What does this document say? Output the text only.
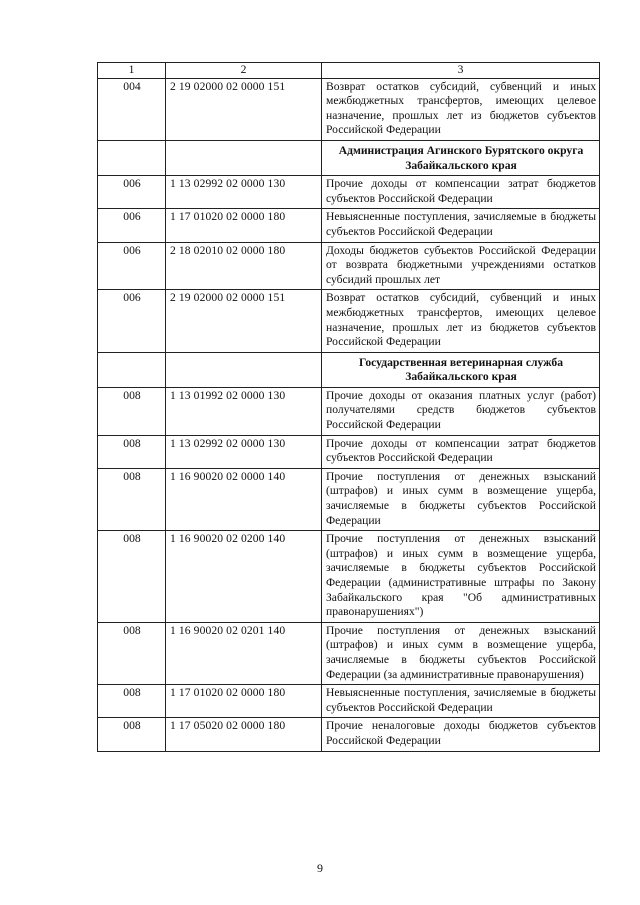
1	2	3
004	2 19 02000 02 0000 151	Возврат остатков субсидий, субвенций и иных межбюджетных трансфертов, имеющих целевое назначение, прошлых лет из бюджетов субъектов Российской Федерации
		Администрация Агинского Бурятского округа Забайкальского края
006	1 13 02992 02 0000 130	Прочие доходы от компенсации затрат бюджетов субъектов Российской Федерации
006	1 17 01020 02 0000 180	Невыясненные поступления, зачисляемые в бюджеты субъектов Российской Федерации
006	2 18 02010 02 0000 180	Доходы бюджетов субъектов Российской Федерации от возврата бюджетными учреждениями остатков субсидий прошлых лет
006	2 19 02000 02 0000 151	Возврат остатков субсидий, субвенций и иных межбюджетных трансфертов, имеющих целевое назначение, прошлых лет из бюджетов субъектов Российской Федерации
		Государственная ветеринарная служба Забайкальского края
008	1 13 01992 02 0000 130	Прочие доходы от оказания платных услуг (работ) получателями средств бюджетов субъектов Российской Федерации
008	1 13 02992 02 0000 130	Прочие доходы от компенсации затрат бюджетов субъектов Российской Федерации
008	1 16 90020 02 0000 140	Прочие поступления от денежных взысканий (штрафов) и иных сумм в возмещение ущерба, зачисляемые в бюджеты субъектов Российской Федерации
008	1 16 90020 02 0200 140	Прочие поступления от денежных взысканий (штрафов) и иных сумм в возмещение ущерба, зачисляемые в бюджеты субъектов Российской Федерации (административные штрафы по Закону Забайкальского края "Об административных правонарушениях")
008	1 16 90020 02 0201 140	Прочие поступления от денежных взысканий (штрафов) и иных сумм в возмещение ущерба, зачисляемые в бюджеты субъектов Российской Федерации (за административные правонарушения)
008	1 17 01020 02 0000 180	Невыясненные поступления, зачисляемые в бюджеты субъектов Российской Федерации
008	1 17 05020 02 0000 180	Прочие неналоговые доходы бюджетов субъектов Российской Федерации
9
